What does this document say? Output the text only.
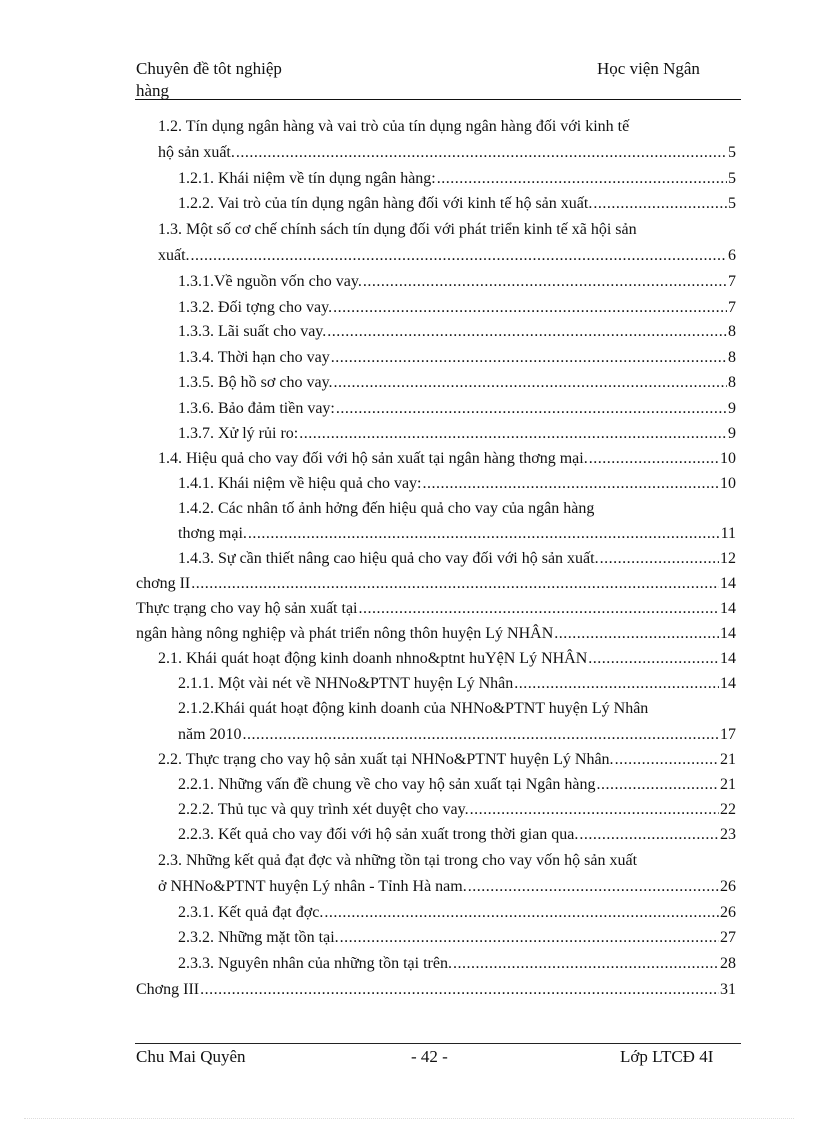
Chuyên đề tôt nghiệp
hàng
Học viện Ngân
1.2. Tín dụng ngân hàng và vai trò của tín dụng ngân hàng đối với kinh tế
hộ sản xuất. .....	5
1.2.1. Khái niệm về tín dụng ngân hàng: .....	5
1.2.2. Vai trò của tín dụng ngân hàng đối với kinh tế hộ sản xuất. .....	5
1.3. Một số cơ chế chính sách tín dụng đối với phát triển kinh tế xã hội sản
xuất. .....	6
1.3.1.Về nguồn vốn cho vay. .....	7
1.3.2. Đối tợng cho vay. .....	7
1.3.3. Lãi suất cho vay. .....	8
1.3.4. Thời hạn cho vay .....	8
1.3.5. Bộ hồ sơ cho vay. .....	8
1.3.6. Bảo đảm tiền vay: .....	9
1.3.7. Xử lý rủi ro: .....	9
1.4. Hiệu quả cho vay đối với hộ sản xuất tại ngân hàng thơng mại. .....	10
1.4.1. Khái niệm về hiệu quả cho vay: .....	10
1.4.2. Các nhân tố ảnh hởng đến hiệu quả cho vay của ngân hàng
thơng mại. .....	11
1.4.3. Sự cần thiết nâng cao hiệu quả cho vay đối với hộ sản xuất. .....	12
chơng II .....	14
Thực trạng cho vay hộ sản xuất tại .....	14
ngân hàng nông nghiệp và phát triển nông thôn huyện Lý NHÂN .....	14
2.1. Khái quát hoạt động kinh doanh nhno&ptnt huYệN Lý NHÂN .....	14
2.1.1. Một vài nét về NHNo&PTNT huyện Lý Nhân .....	14
2.1.2.Khái quát hoạt động kinh doanh của NHNo&PTNT huyện Lý Nhân
năm 2010 .....	17
2.2. Thực trạng cho vay hộ sản xuất tại NHNo&PTNT huyện Lý Nhân. .....	21
2.2.1. Những vấn đề chung về cho vay hộ sản xuất tại Ngân hàng .....	21
2.2.2. Thủ tục và quy trình xét duyệt cho vay. .....	22
2.2.3. Kết quả cho vay đối với hộ sản xuất trong thời gian qua. .....	23
2.3. Những kết quả đạt đợc và những tồn tại trong cho vay vốn hộ sản xuất
ở NHNo&PTNT huyện Lý nhân - Tỉnh Hà nam. .....	26
2.3.1. Kết quả đạt đợc. .....	26
2.3.2. Những mặt tồn tại. .....	27
2.3.3. Nguyên nhân của những tồn tại trên. .....	28
Chơng III .....	31
Chu Mai Quyên	- 42 -	Lớp LTCĐ 4I
